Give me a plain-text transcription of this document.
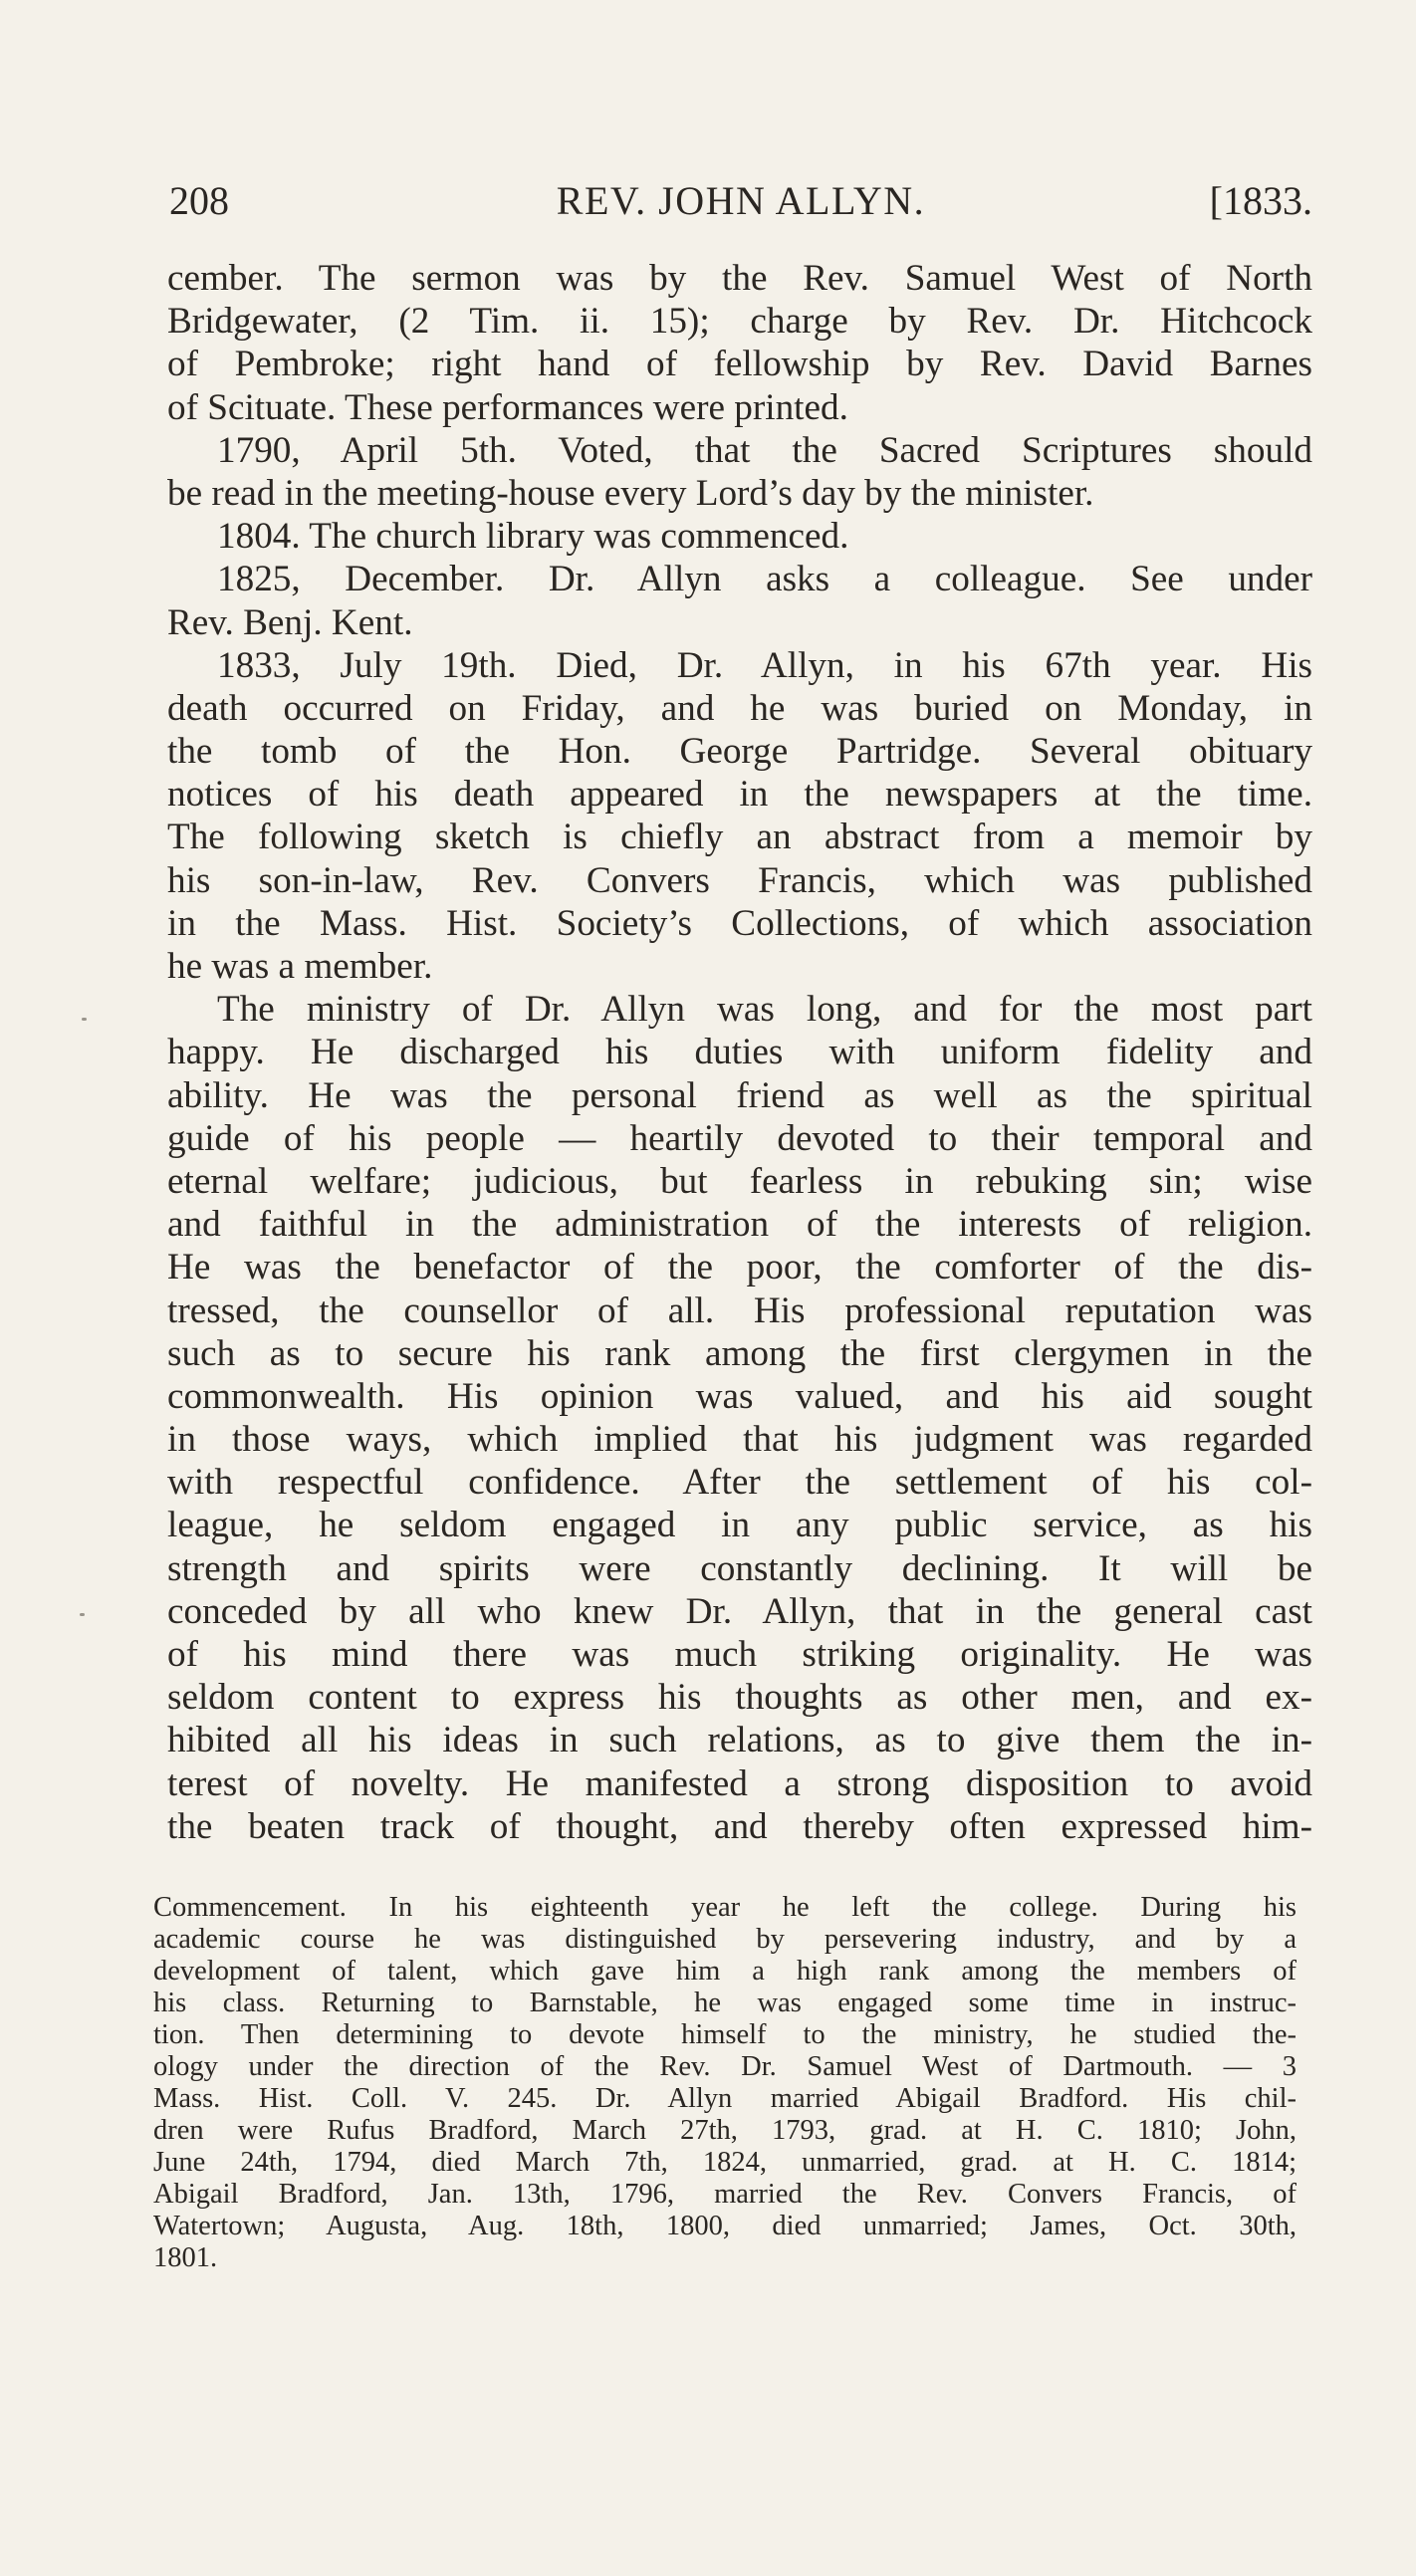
208	REV. JOHN ALLYN.	[1833.
cember. The sermon was by the Rev. Samuel West of North
Bridgewater, (2 Tim. ii. 15); charge by Rev. Dr. Hitchcock
of Pembroke; right hand of fellowship by Rev. David Barnes
of Scituate. These performances were printed.
1790, April 5th. Voted, that the Sacred Scriptures should
be read in the meeting-house every Lord’s day by the minister.
1804. The church library was commenced.
1825, December. Dr. Allyn asks a colleague. See under
Rev. Benj. Kent.
1833, July 19th. Died, Dr. Allyn, in his 67th year. His
death occurred on Friday, and he was buried on Monday, in
the tomb of the Hon. George Partridge. Several obituary
notices of his death appeared in the newspapers at the time.
The following sketch is chiefly an abstract from a memoir by
his son-in-law, Rev. Convers Francis, which was published
in the Mass. Hist. Society’s Collections, of which association
he was a member.
The ministry of Dr. Allyn was long, and for the most part
happy. He discharged his duties with uniform fidelity and
ability. He was the personal friend as well as the spiritual
guide of his people — heartily devoted to their temporal and
eternal welfare; judicious, but fearless in rebuking sin; wise
and faithful in the administration of the interests of religion.
He was the benefactor of the poor, the comforter of the dis-
tressed, the counsellor of all. His professional reputation was
such as to secure his rank among the first clergymen in the
commonwealth. His opinion was valued, and his aid sought
in those ways, which implied that his judgment was regarded
with respectful confidence. After the settlement of his col-
league, he seldom engaged in any public service, as his
strength and spirits were constantly declining. It will be
conceded by all who knew Dr. Allyn, that in the general cast
of his mind there was much striking originality. He was
seldom content to express his thoughts as other men, and ex-
hibited all his ideas in such relations, as to give them the in-
terest of novelty. He manifested a strong disposition to avoid
the beaten track of thought, and thereby often expressed him-
Commencement. In his eighteenth year he left the college. During his
academic course he was distinguished by persevering industry, and by a
development of talent, which gave him a high rank among the members of
his class. Returning to Barnstable, he was engaged some time in instruc-
tion. Then determining to devote himself to the ministry, he studied the-
ology under the direction of the Rev. Dr. Samuel West of Dartmouth. — 3
Mass. Hist. Coll. V. 245. Dr. Allyn married Abigail Bradford. His chil-
dren were Rufus Bradford, March 27th, 1793, grad. at H. C. 1810; John,
June 24th, 1794, died March 7th, 1824, unmarried, grad. at H. C. 1814;
Abigail Bradford, Jan. 13th, 1796, married the Rev. Convers Francis, of
Watertown; Augusta, Aug. 18th, 1800, died unmarried; James, Oct. 30th,
1801.
